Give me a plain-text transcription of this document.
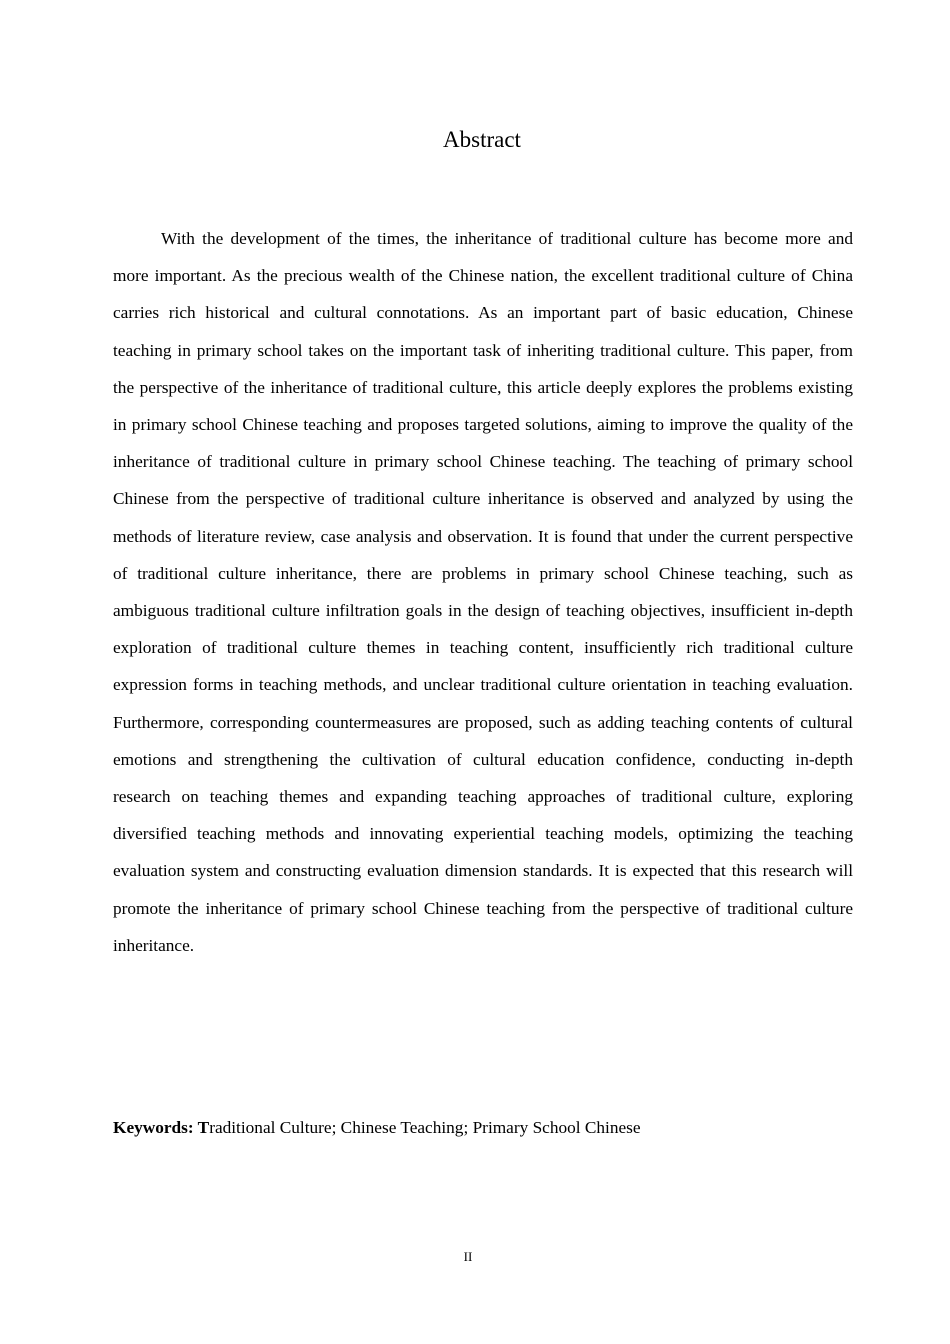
Abstract

With the development of the times, the inheritance of traditional culture has become more and more important. As the precious wealth of the Chinese nation, the excellent traditional culture of China carries rich historical and cultural connotations. As an important part of basic education, Chinese teaching in primary school takes on the important task of inheriting traditional culture. This paper, from the perspective of the inheritance of traditional culture, this article deeply explores the problems existing in primary school Chinese teaching and proposes targeted solutions, aiming to improve the quality of the inheritance of traditional culture in primary school Chinese teaching. The teaching of primary school Chinese from the perspective of traditional culture inheritance is observed and analyzed by using the methods of literature review, case analysis and observation. It is found that under the current perspective of traditional culture inheritance, there are problems in primary school Chinese teaching, such as ambiguous traditional culture infiltration goals in the design of teaching objectives, insufficient in-depth exploration of traditional culture themes in teaching content, insufficiently rich traditional culture expression forms in teaching methods, and unclear traditional culture orientation in teaching evaluation. Furthermore, corresponding countermeasures are proposed, such as adding teaching contents of cultural emotions and strengthening the cultivation of cultural education confidence, conducting in-depth research on teaching themes and expanding teaching approaches of traditional culture, exploring diversified teaching methods and innovating experiential teaching models, optimizing the teaching evaluation system and constructing evaluation dimension standards. It is expected that this research will promote the inheritance of primary school Chinese teaching from the perspective of traditional culture inheritance.

Keywords: Traditional Culture; Chinese Teaching; Primary School Chinese

II
